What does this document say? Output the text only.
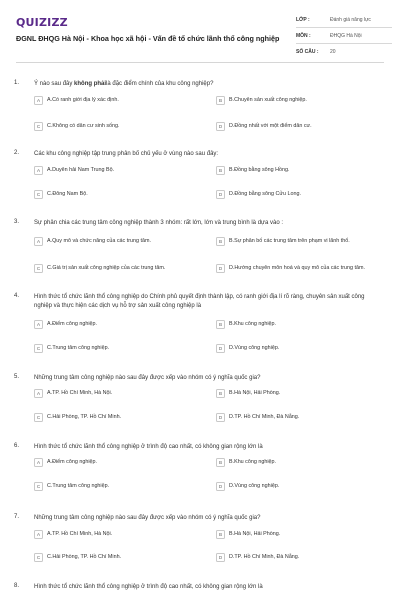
QUIZIZZ
ĐGNL ĐHQG Hà Nội - Khoa học xã hội - Vấn đề tổ chức lãnh thổ công nghiệp
LỚP :	Đánh giá năng lực
MÔN :	ĐHQG Hà Nội
SỐ CÂU :	20
1. Ý nào sau đây không phảilà đặc điểm chính của khu công nghiệp?
A	A.Có ranh giới địa lý xác định.	B	B.Chuyên sản xuất công nghiệp.
C	C.Không có dân cư sinh sống.	D	D.Đồng nhất với một điểm dân cư.
2. Các khu công nghiệp tập trung phân bố chủ yếu ở vùng nào sau đây:
A	A.Duyên hải Nam Trung Bộ.	B	B.Đồng bằng sông Hồng.
C	C.Đông Nam Bộ.	D	D.Đồng bằng sông Cửu Long.
3. Sự phân chia các trung tâm công nghiệp thành 3 nhóm: rất lớn, lớn và trung bình là dựa vào :
A	A.Quy mô và chức năng của các trung tâm.	B	B.Sự phân bố các trung tâm trên phạm vi lãnh thổ.
C	C.Giá trị sản xuất công nghiệp của các trung tâm.	D	D.Hướng chuyên môn hoá và quy mô của các trung tâm.
4. Hình thức tổ chức lãnh thổ công nghiệp do Chính phủ quyết định thành lập, có ranh giới địa lí rõ ràng, chuyên sản xuất công nghiệp và thực hiện các dịch vụ hỗ trợ sản xuất công nghiệp là
A	A.Điểm công nghiệp.	B	B.Khu công nghiệp.
C	C.Trung tâm công nghiệp.	D	D.Vùng công nghiệp.
5. Những trung tâm công nghiệp nào sau đây được xếp vào nhóm có ý nghĩa quốc gia?
A	A.TP. Hồ Chí Minh, Hà Nội.	B	B.Hà Nội, Hải Phòng.
C	C.Hải Phòng, TP. Hồ Chí Minh.	D	D.TP. Hồ Chí Minh, Đà Nẵng.
6. Hình thức tổ chức lãnh thổ công nghiệp ở trình độ cao nhất, có không gian rộng lớn là
A	A.Điểm công nghiệp.	B	B.Khu công nghiệp.
C	C.Trung tâm công nghiệp.	D	D.Vùng công nghiệp.
7. Những trung tâm công nghiệp nào sau đây được xếp vào nhóm có ý nghĩa quốc gia?
A	A.TP. Hồ Chí Minh, Hà Nội.	B	B.Hà Nội, Hải Phòng.
C	C.Hải Phòng, TP. Hồ Chí Minh.	D	D.TP. Hồ Chí Minh, Đà Nẵng.
8. Hình thức tổ chức lãnh thổ công nghiệp ở trình độ cao nhất, có không gian rộng lớn là
